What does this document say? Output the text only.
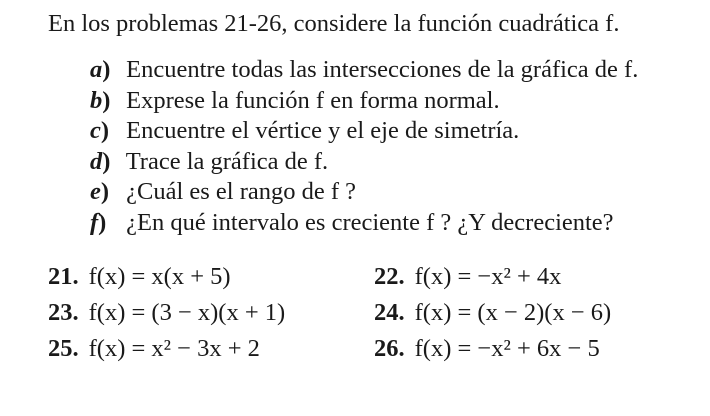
En los problemas 21-26, considere la función cuadrática f.
a) Encuentre todas las intersecciones de la gráfica de f.
b) Exprese la función f en forma normal.
c) Encuentre el vértice y el eje de simetría.
d) Trace la gráfica de f.
e) ¿Cuál es el rango de f ?
f) ¿En qué intervalo es creciente f ? ¿Y decreciente?
21. f(x) = x(x + 5)	22. f(x) = −x² + 4x
23. f(x) = (3 − x)(x + 1)	24. f(x) = (x − 2)(x − 6)
25. f(x) = x² − 3x + 2	26. f(x) = −x² + 6x − 5
